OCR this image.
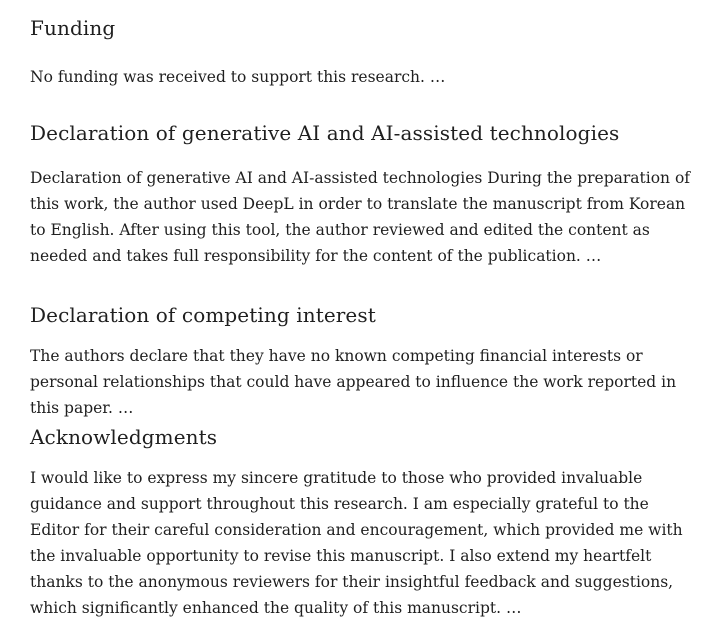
Funding

No funding was received to support this research. …

Declaration of generative AI and AI-assisted technologies

Declaration of generative AI and AI-assisted technologies During the preparation of this work, the author used DeepL in order to translate the manuscript from Korean to English. After using this tool, the author reviewed and edited the content as needed and takes full responsibility for the content of the publication. …

Declaration of competing interest

The authors declare that they have no known competing financial interests or personal relationships that could have appeared to influence the work reported in this paper. …

Acknowledgments

I would like to express my sincere gratitude to those who provided invaluable guidance and support throughout this research. I am especially grateful to the Editor for their careful consideration and encouragement, which provided me with the invaluable opportunity to revise this manuscript. I also extend my heartfelt thanks to the anonymous reviewers for their insightful feedback and suggestions, which significantly enhanced the quality of this manuscript. …
